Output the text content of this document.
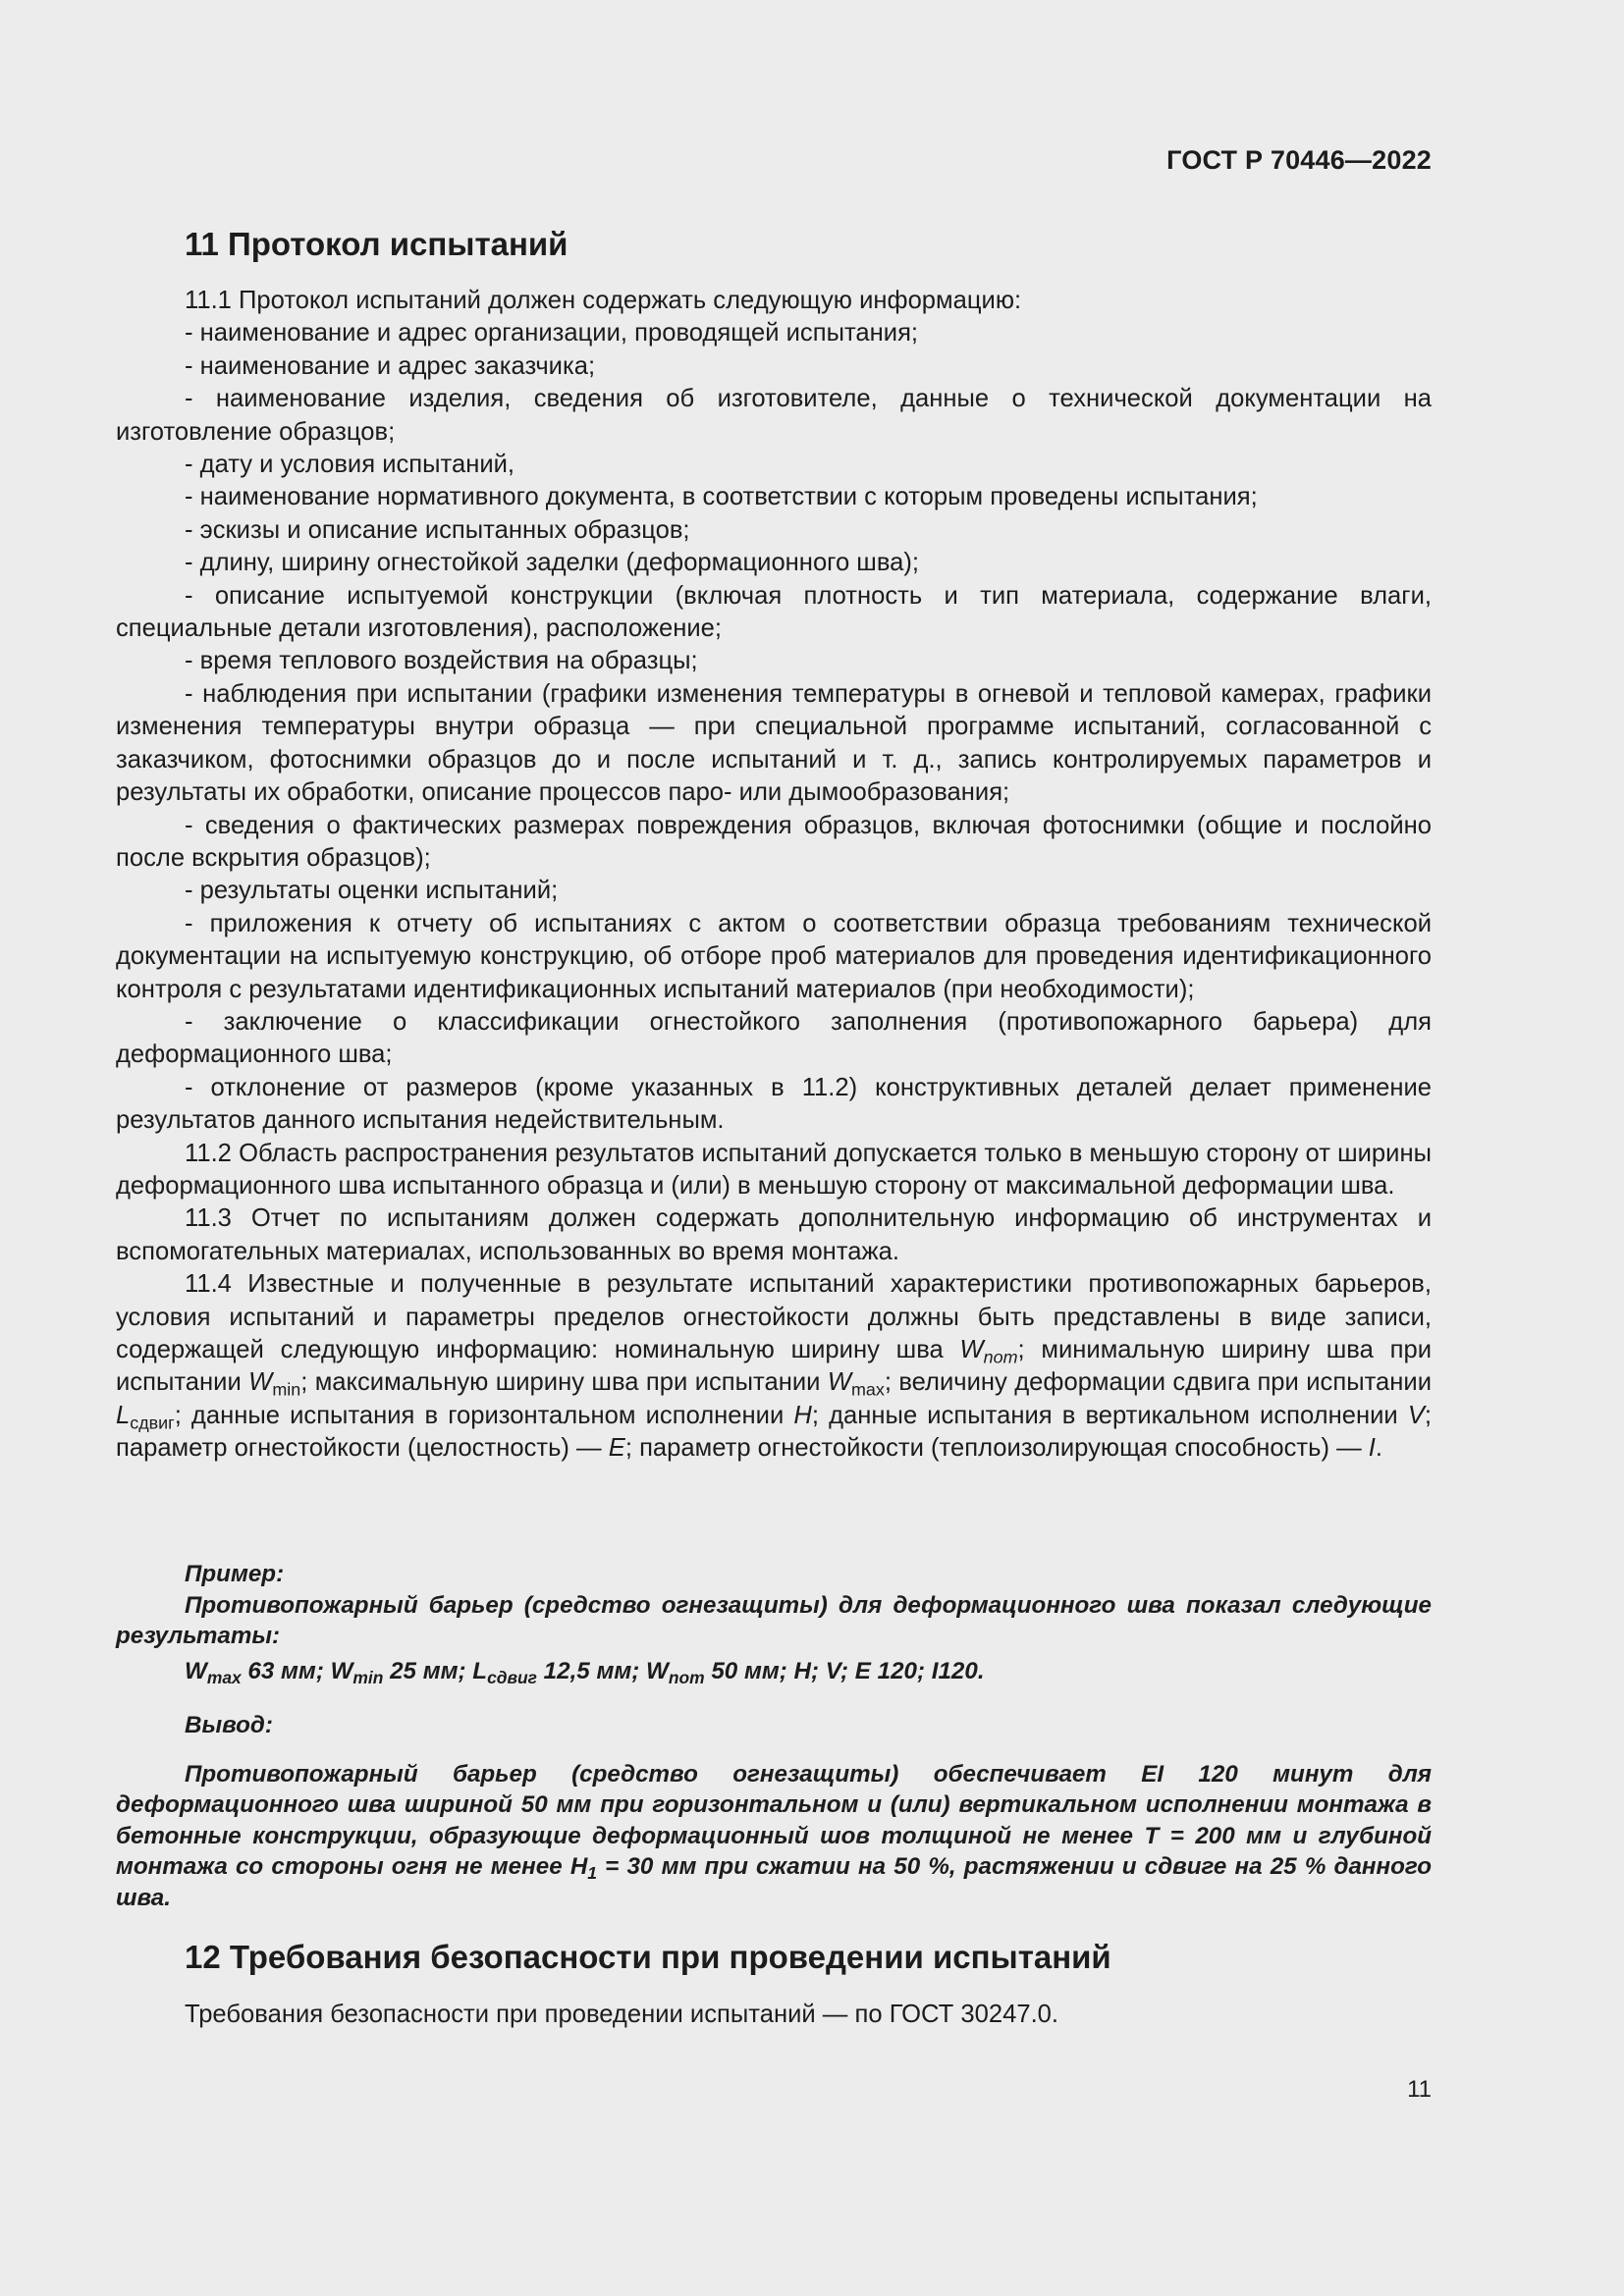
ГОСТ Р 70446—2022
11 Протокол испытаний

11.1 Протокол испытаний должен содержать следующую информацию:

- наименование и адрес организации, проводящей испытания;

- наименование и адрес заказчика;

- наименование изделия, сведения об изготовителе, данные о технической документации на изготовление образцов;

- дату и условия испытаний,

- наименование нормативного документа, в соответствии с которым проведены испытания;

- эскизы и описание испытанных образцов;

- длину, ширину огнестойкой заделки (деформационного шва);

- описание испытуемой конструкции (включая плотность и тип материала, содержание влаги, специальные детали изготовления), расположение;

- время теплового воздействия на образцы;

- наблюдения при испытании (графики изменения температуры в огневой и тепловой камерах, графики изменения температуры внутри образца — при специальной программе испытаний, согласованной с заказчиком, фотоснимки образцов до и после испытаний и т. д., запись контролируемых параметров и результаты их обработки, описание процессов паро- или дымообразования;

- сведения о фактических размерах повреждения образцов, включая фотоснимки (общие и послойно после вскрытия образцов);

- результаты оценки испытаний;

- приложения к отчету об испытаниях с актом о соответствии образца требованиям технической документации на испытуемую конструкцию, об отборе проб материалов для проведения идентификационного контроля с результатами идентификационных испытаний материалов (при необходимости);

- заключение о классификации огнестойкого заполнения (противопожарного барьера) для деформационного шва;

- отклонение от размеров (кроме указанных в 11.2) конструктивных деталей делает применение результатов данного испытания недействительным.

11.2 Область распространения результатов испытаний допускается только в меньшую сторону от ширины деформационного шва испытанного образца и (или) в меньшую сторону от максимальной деформации шва.

11.3 Отчет по испытаниям должен содержать дополнительную информацию об инструментах и вспомогательных материалах, использованных во время монтажа.

11.4 Известные и полученные в результате испытаний характеристики противопожарных барьеров, условия испытаний и параметры пределов огнестойкости должны быть представлены в виде записи, содержащей следующую информацию: номинальную ширину шва $W_{nom}$; минимальную ширину шва при испытании $W_{min}$; максимальную ширину шва при испытании $W_{max}$; величину деформации сдвига при испытании $L_{сдвиг}$; данные испытания в горизонтальном исполнении H; данные испытания в вертикальном исполнении V; параметр огнестойкости (целостность) — E; параметр огнестойкости (теплоизолирующая способность) — I.

Пример:

Противопожарный барьер (средство огнезащиты) для деформационного шва показал следующие результаты:

$W_{max}$ 63 мм; $W_{min}$ 25 мм; $L_{сдвиг}$ 12,5 мм; $W_{nom}$ 50 мм; H; V; E 120; I120.

Вывод:

Противопожарный барьер (средство огнезащиты) обеспечивает EI 120 минут для деформационного шва шириной 50 мм при горизонтальном и (или) вертикальном исполнении монтажа в бетонные конструкции, образующие деформационный шов толщиной не менее T = 200 мм и глубиной монтажа со стороны огня не менее $H_1 = 30$ мм при сжатии на 50 %, растяжении и сдвиге на 25 % данного шва.

12 Требования безопасности при проведении испытаний

Требования безопасности при проведении испытаний — по ГОСТ 30247.0.

11
